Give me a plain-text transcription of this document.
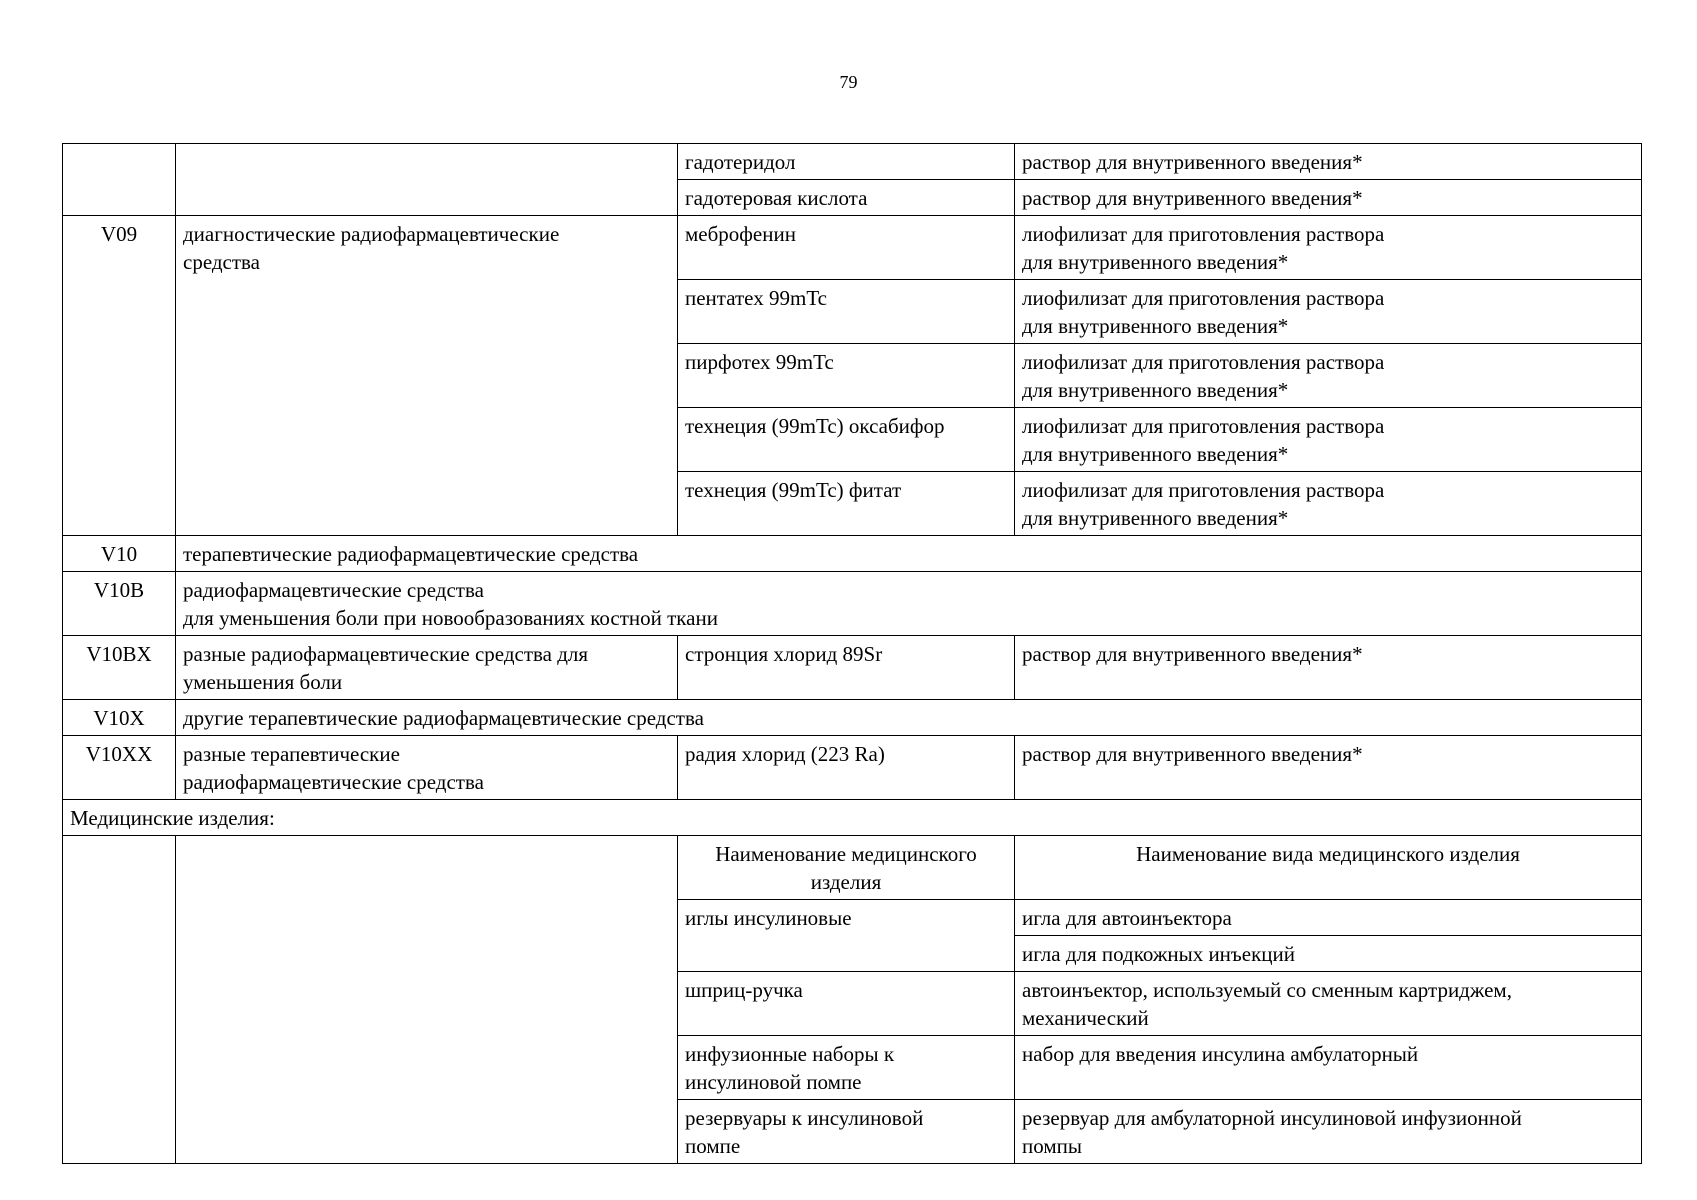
79
		гадотеридол	раствор для внутривенного введения*
		гадотеровая кислота	раствор для внутривенного введения*
V09	диагностические радиофармацевтические
средства	меброфенин	лиофилизат для приготовления раствора
для внутривенного введения*
		пентатех 99mTc	лиофилизат для приготовления раствора
для внутривенного введения*
		пирфотех 99mTc	лиофилизат для приготовления раствора
для внутривенного введения*
		технеция (99mTc) оксабифор	лиофилизат для приготовления раствора
для внутривенного введения*
		технеция (99mTc) фитат	лиофилизат для приготовления раствора
для внутривенного введения*
V10	терапевтические радиофармацевтические средства		
V10B	радиофармацевтические средства
для уменьшения боли при новообразованиях костной ткани		
V10BX	разные радиофармацевтические средства для
уменьшения боли	стронция хлорид 89Sr	раствор для внутривенного введения*
V10X	другие терапевтические радиофармацевтические средства		
V10XX	разные терапевтические
радиофармацевтические средства	радия хлорид (223 Ra)	раствор для внутривенного введения*
Медицинские изделия:			
		Наименование медицинского
изделия	Наименование вида медицинского изделия
		иглы инсулиновые	игла для автоинъектора
			игла для подкожных инъекций
		шприц-ручка	автоинъектор, используемый со сменным картриджем,
механический
		инфузионные наборы к
инсулиновой помпе	набор для введения инсулина амбулаторный
		резервуары к инсулиновой
помпе	резервуар для амбулаторной инсулиновой инфузионной
помпы
